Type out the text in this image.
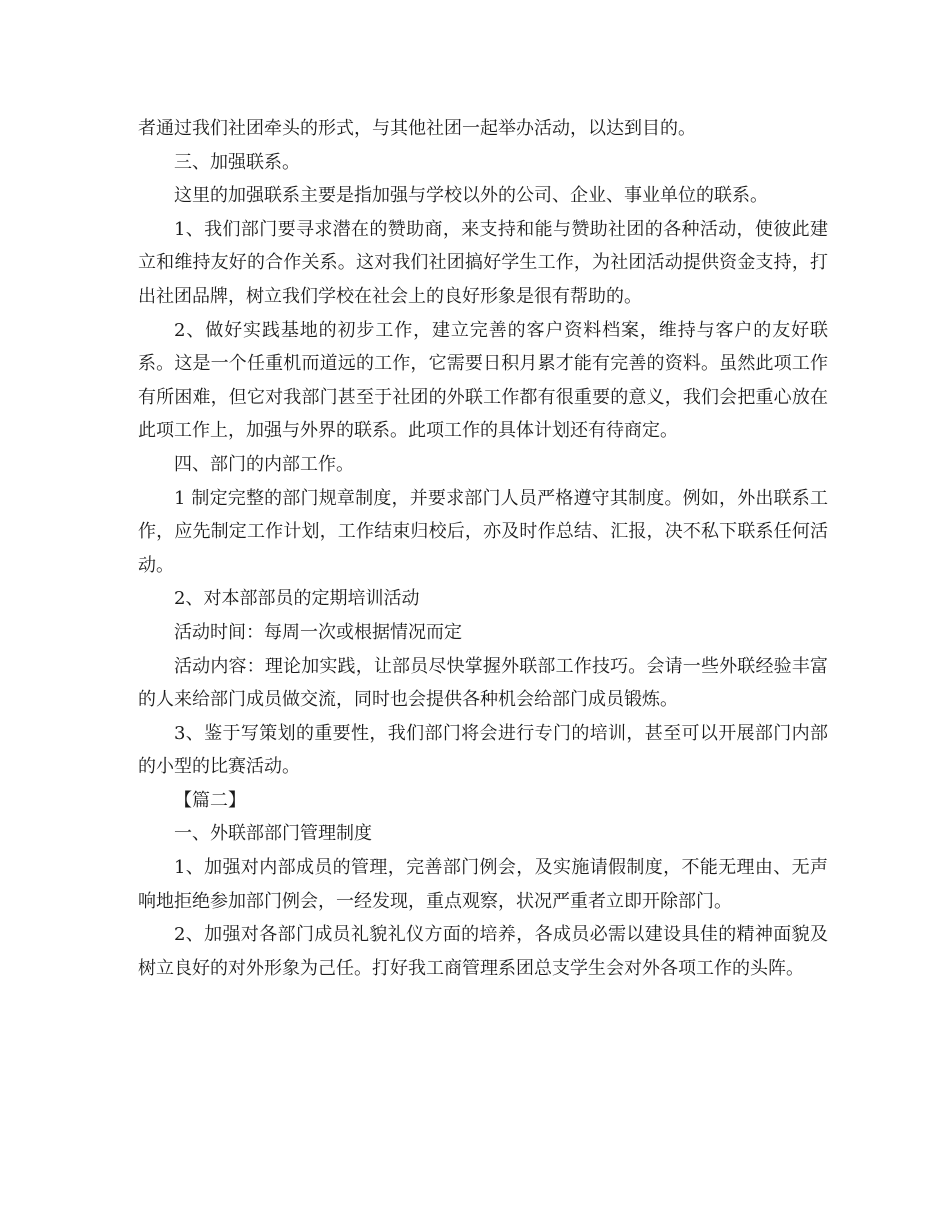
者通过我们社团牵头的形式，与其他社团一起举办活动，以达到目的。

三、加强联系。

这里的加强联系主要是指加强与学校以外的公司、企业、事业单位的联系。

1、我们部门要寻求潜在的赞助商，来支持和能与赞助社团的各种活动，使彼此建立和维持友好的合作关系。这对我们社团搞好学生工作，为社团活动提供资金支持，打出社团品牌，树立我们学校在社会上的良好形象是很有帮助的。

2、做好实践基地的初步工作，建立完善的客户资料档案，维持与客户的友好联系。这是一个任重机而道远的工作，它需要日积月累才能有完善的资料。虽然此项工作有所困难，但它对我部门甚至于社团的外联工作都有很重要的意义，我们会把重心放在此项工作上，加强与外界的联系。此项工作的具体计划还有待商定。

四、部门的内部工作。

1 制定完整的部门规章制度，并要求部门人员严格遵守其制度。例如，外出联系工作，应先制定工作计划，工作结束归校后，亦及时作总结、汇报，决不私下联系任何活动。

2、对本部部员的定期培训活动

活动时间：每周一次或根据情况而定

活动内容：理论加实践，让部员尽快掌握外联部工作技巧。会请一些外联经验丰富的人来给部门成员做交流，同时也会提供各种机会给部门成员锻炼。

3、鉴于写策划的重要性，我们部门将会进行专门的培训，甚至可以开展部门内部的小型的比赛活动。

【篇二】

一、外联部部门管理制度

1、加强对内部成员的管理，完善部门例会，及实施请假制度，不能无理由、无声响地拒绝参加部门例会，一经发现，重点观察，状况严重者立即开除部门。

2、加强对各部门成员礼貌礼仪方面的培养，各成员必需以建设具佳的精神面貌及树立良好的对外形象为己任。打好我工商管理系团总支学生会对外各项工作的头阵。
